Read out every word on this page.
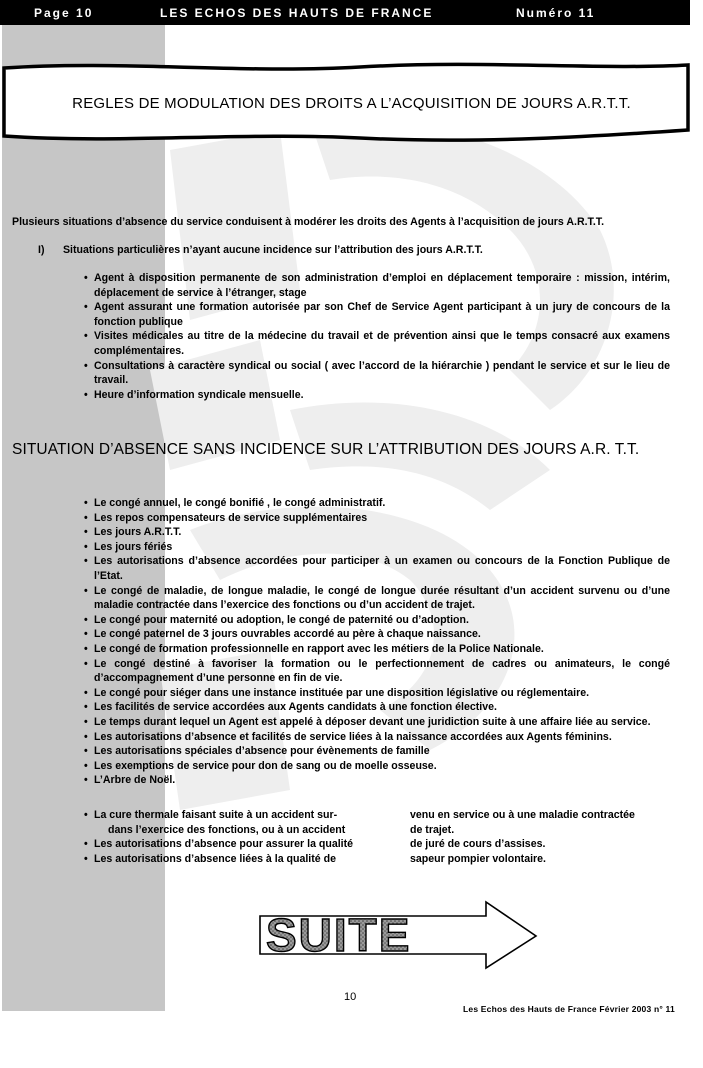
Page 10	LES ECHOS DES HAUTS DE FRANCE	Numéro 11
REGLES DE MODULATION DES DROITS A L’ACQUISITION DE JOURS A.R.T.T.
Plusieurs situations d’absence du service conduisent à modérer les droits des Agents à l’acquisition de jours A.R.T.T.
I) Situations particulières n’ayant aucune incidence sur l’attribution des jours A.R.T.T.
• Agent à disposition permanente de son administration d’emploi en déplacement temporaire : mission, intérim, déplacement de service à l’étranger, stage
• Agent assurant une formation autorisée par son Chef de Service Agent participant à un jury de concours de la fonction publique
• Visites médicales au titre de la médecine du travail et de prévention ainsi que le temps consacré aux examens complémentaires.
• Consultations à caractère syndical ou social ( avec l’accord de la hiérarchie ) pendant le service et sur le lieu de travail.
• Heure d’information syndicale mensuelle.
SITUATION D’ABSENCE SANS INCIDENCE SUR L’ATTRIBUTION DES JOURS A.R. T.T.
• Le congé annuel, le congé bonifié , le congé administratif.
• Les repos compensateurs de service supplémentaires
• Les jours A.R.T.T.
• Les jours fériés
• Les autorisations d’absence accordées pour participer à un examen ou concours de la Fonction Publique de l’Etat.
• Le congé de maladie, de longue maladie, le congé de longue durée résultant d’un accident survenu ou d’une maladie contractée dans l’exercice des fonctions ou d’un accident de trajet.
• Le congé pour maternité ou adoption, le congé de paternité ou d’adoption.
• Le congé paternel de 3 jours ouvrables accordé au père à chaque naissance.
• Le congé de formation professionnelle en rapport avec les métiers de la Police Nationale.
• Le congé destiné à favoriser la formation ou le perfectionnement de cadres ou animateurs, le congé d’accompagnement d’une personne en fin de vie.
• Le congé pour siéger dans une instance instituée par une disposition législative ou réglementaire.
• Les facilités de service accordées aux Agents candidats à une fonction élective.
• Le temps durant lequel un Agent est appelé à déposer devant une juridiction suite à une affaire liée au service.
• Les autorisations d’absence et facilités de service liées à la naissance accordées aux Agents féminins.
• Les autorisations spéciales d’absence pour évènements de famille
• Les exemptions de service pour don de sang ou de moelle osseuse.
• L’Arbre de Noël.
• La cure thermale faisant suite à un accident sur-
dans l’exercice des fonctions, ou à un accident
• Les autorisations d’absence pour assurer la qualité
• Les autorisations d’absence liées à la qualité de
venu en service ou à une maladie contractée
de trajet.
de juré de cours d’assises.
sapeur pompier volontaire.
SUITE
10
Les Echos des Hauts de France Février 2003 n° 11
